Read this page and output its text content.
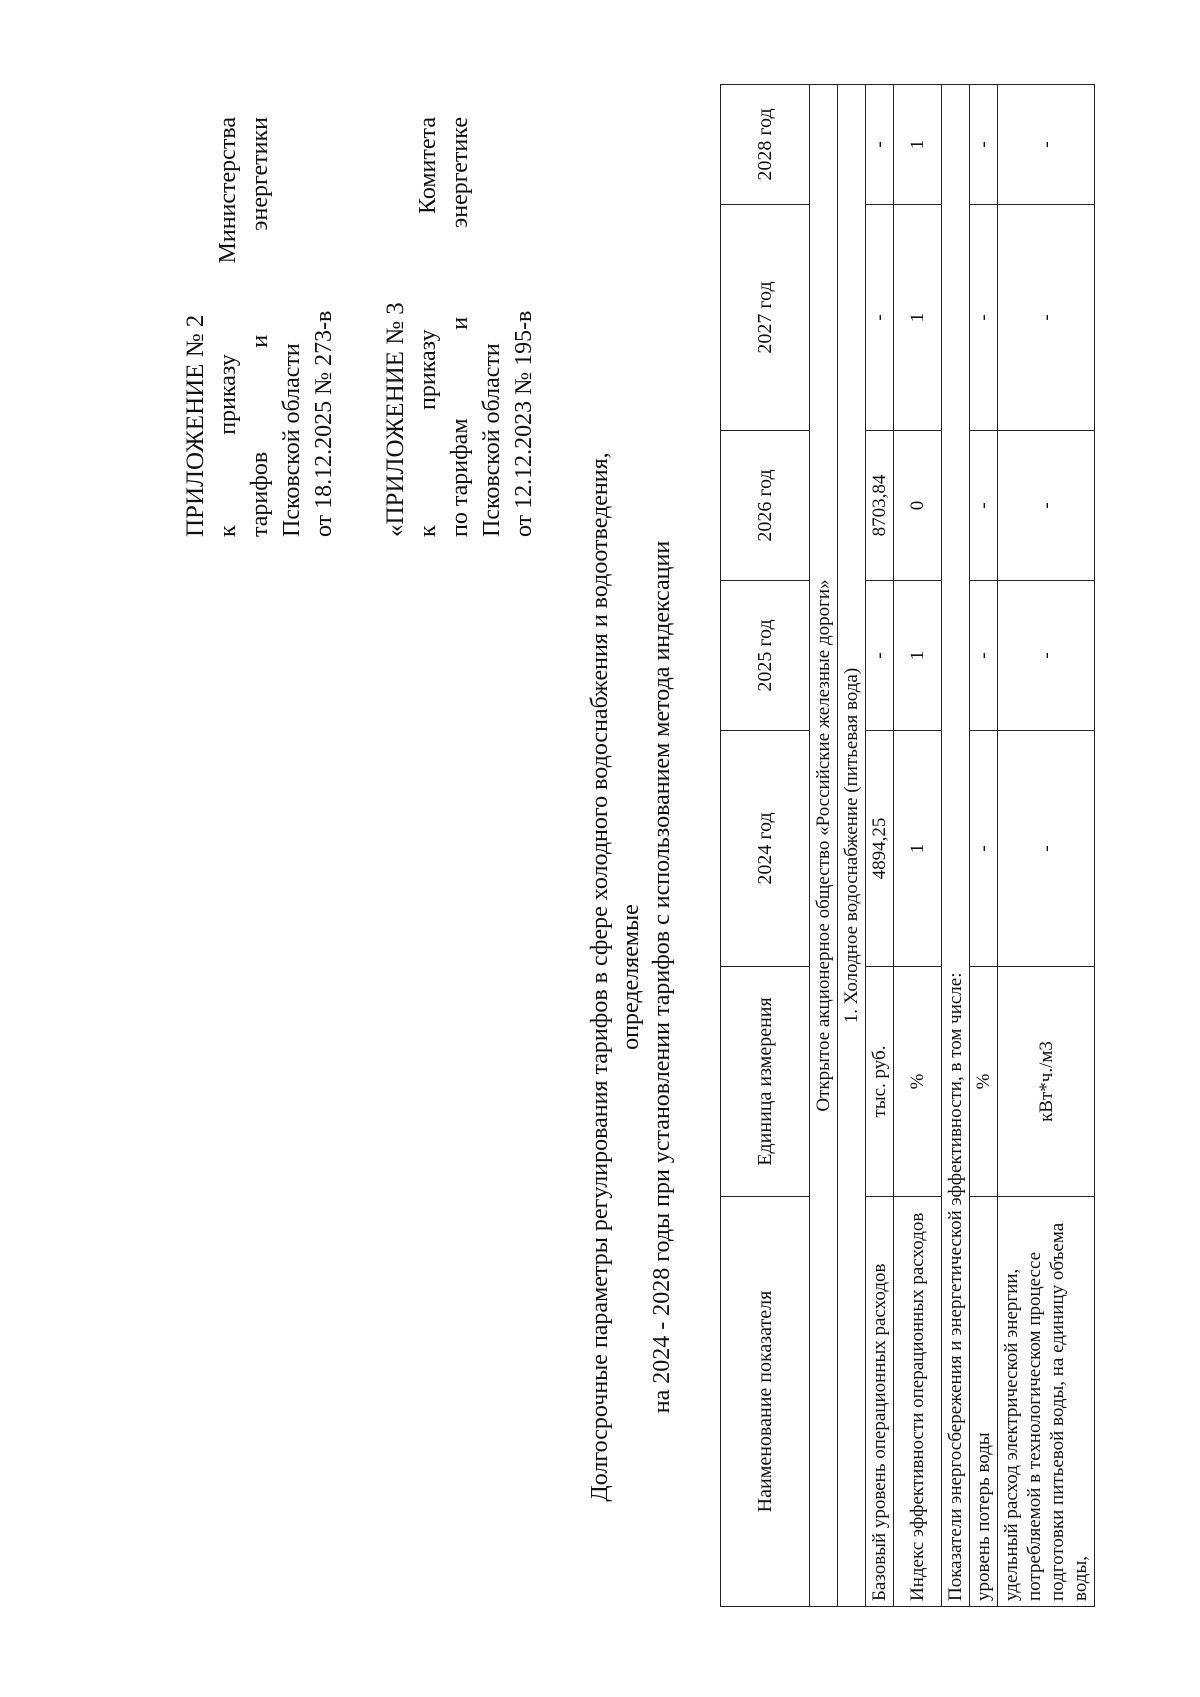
ПРИЛОЖЕНИЕ № 2 к
приказу
Министерства
тарифов
и
энергетики
Псковской области от 18.12.2025 № 273-в «ПРИЛОЖЕНИЕ № 3 к
приказу
Комитета
по тарифам
и
энергетике
Псковской области от 12.12.2023 № 195-в
Долгосрочные параметры регулирования тарифов в сфере холодного водоснабжения и водоотведения, определяемые на 2024 - 2028 годы при установлении тарифов с использованием метода индексации	Наименование показателя	Единица измерения	2024 год	2025 год	2026 год	2027 год	2028 год
Открытое акционерное общество «Российские железные дороги»						
1. Холодное водоснабжение (питьевая вода)						
Базовый уровень операционных расходов	тыс. руб.	4894,25	-	8703,84	-	-
Индекс эффективности операционных расходов	%	1	1	0	1	1
Показатели энергосбережения и энергетической эффективности, в том числе:						
уровень потерь воды	%	-	-	-	-	-
удельный расход электрической энергии, потребляемой в технологическом процессе подготовки питьевой воды, на единицу объема воды,	кВт*ч./м3	-	-	-	-	-
